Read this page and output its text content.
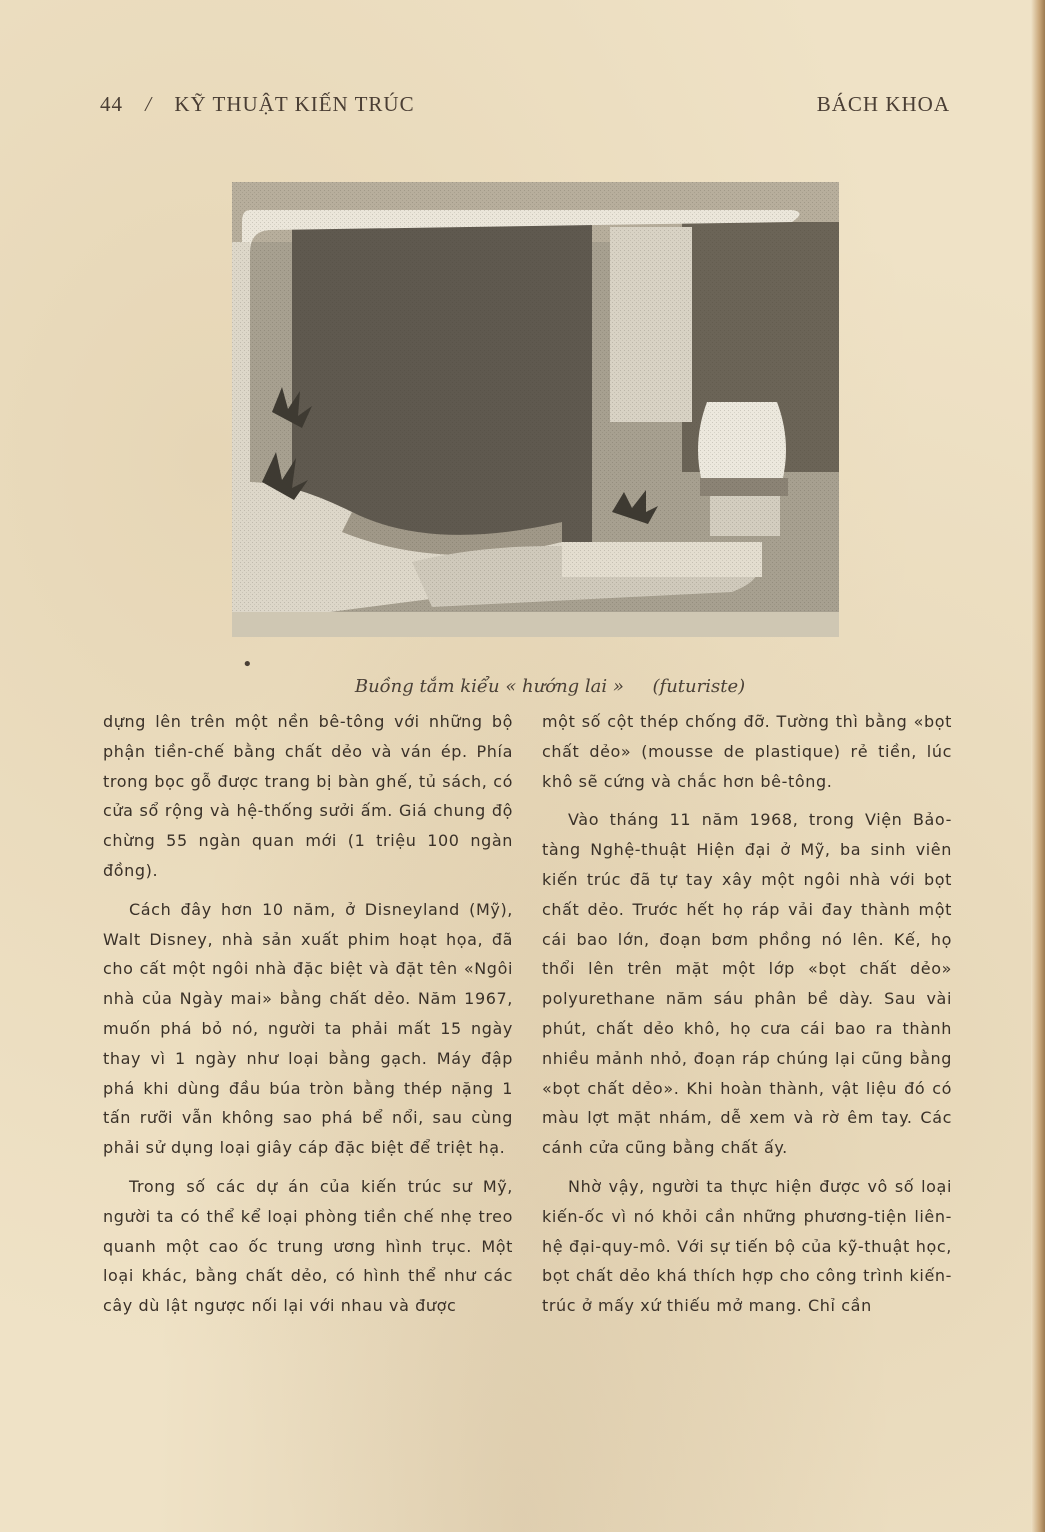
44 / KỸ THUẬT KIẾN TRÚC	BÁCH KHOA
•
Buồng tắm kiểu « hướng lai » (futuriste)

dựng lên trên một nền bê-tông với những bộ phận tiền-chế bằng chất dẻo và ván ép. Phía trong bọc gỗ được trang bị bàn ghế, tủ sách, có cửa sổ rộng và hệ-thống sưởi ấm. Giá chung độ chừng 55 ngàn quan mới (1 triệu 100 ngàn đồng).

Cách đây hơn 10 năm, ở Disneyland (Mỹ), Walt Disney, nhà sản xuất phim hoạt họa, đã cho cất một ngôi nhà đặc biệt và đặt tên «Ngôi nhà của Ngày mai» bằng chất dẻo. Năm 1967, muốn phá bỏ nó, người ta phải mất 15 ngày thay vì 1 ngày như loại bằng gạch. Máy đập phá khi dùng đầu búa tròn bằng thép nặng 1 tấn rưỡi vẫn không sao phá bể nổi, sau cùng phải sử dụng loại giây cáp đặc biệt để triệt hạ.

Trong số các dự án của kiến trúc sư Mỹ, người ta có thể kể loại phòng tiền chế nhẹ treo quanh một cao ốc trung ương hình trục. Một loại khác, bằng chất dẻo, có hình thể như các cây dù lật ngược nối lại với nhau và được

một số cột thép chống đỡ. Tường thì bằng «bọt chất dẻo» (mousse de plastique) rẻ tiền, lúc khô sẽ cứng và chắc hơn bê-tông.

Vào tháng 11 năm 1968, trong Viện Bảo-tàng Nghệ-thuật Hiện đại ở Mỹ, ba sinh viên kiến trúc đã tự tay xây một ngôi nhà với bọt chất dẻo. Trước hết họ ráp vải đay thành một cái bao lớn, đoạn bơm phồng nó lên. Kế, họ thổi lên trên mặt một lớp «bọt chất dẻo» polyurethane năm sáu phân bề dày. Sau vài phút, chất dẻo khô, họ cưa cái bao ra thành nhiều mảnh nhỏ, đoạn ráp chúng lại cũng bằng «bọt chất dẻo». Khi hoàn thành, vật liệu đó có màu lợt mặt nhám, dễ xem và rờ êm tay. Các cánh cửa cũng bằng chất ấy.

Nhờ vậy, người ta thực hiện được vô số loại kiến-ốc vì nó khỏi cần những phương-tiện liên-hệ đại-quy-mô. Với sự tiến bộ của kỹ-thuật học, bọt chất dẻo khá thích hợp cho công trình kiến-trúc ở mấy xứ thiếu mở mang. Chỉ cần
